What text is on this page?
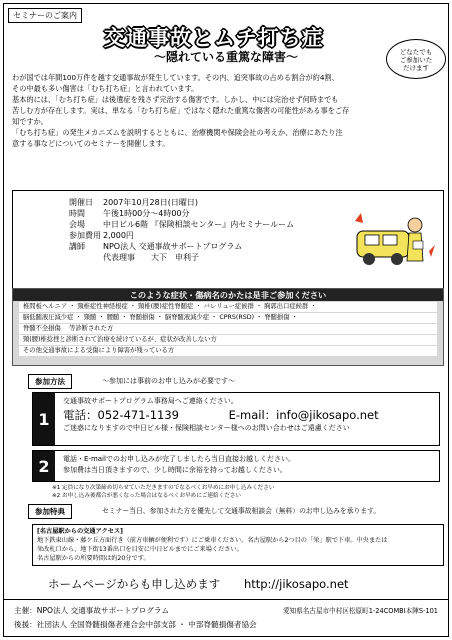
セミナーのご案内
交通事故とムチ打ち症
〜隠れている重篤な障害〜	どなたでも
ご参加いた
だけます
わが国では年間100万件を越す交通事故が発生しています。その内、追突事故の占める割合が約4割、
その中最も多い傷害は「むち打ち症」と言われています。
基本的には、「むち打ち症」は後遺症を残さず完治する傷害です。しかし、中には完治せず何時までも
苦しむ方が存在します。実は、単なる「むち打ち症」ではなく隠れた重篤な傷害の可能性がある事をご存
知ですか。
「むち打ち症」の発生メカニズムを説明するとともに、治療機関や保険会社の考えか、治療にあたり注
意する事などについてのセミナーを開催します。
開催日	2007年10月28日(日曜日)
時間	午後1時00分〜4時00分
会場	中日ビル6階 『保険相談センター』内セミナールーム
参加費用 2,000円
講師	NPO法人 交通事故サポートプログラム
代表理事　　大下　申利子
このような症状・傷病名のかたは是非ご参加ください
椎間板ヘルニア ・ 頸椎症性神経根症 ・ 頸椎(腰)症性脊髄症 ・ バレリュー症候群 ・ 胸郭出口症候群 ・
脳低髄液圧減少症 ・ 頸髄 ・ 腰髄 ・ 脊髄損傷 ・ 脳脊髄液減少症 ・ CPRS(RSD) ・ 脊髄損傷 ・
脊髄不全損傷 　等診断された方
頸(腰)椎捻挫と診断されて治療を続けているが、症状が改善しない方
その他交通事故による受傷により障害が残っている方
参加方法	〜参加には事前のお申し込みが必要です〜
1
交通事故サポートプログラム事務局へご連絡ください。
電話：052-471-1139	E-mail：info@jikosapo.net
ご迷惑になりますので中日ビル様・保険相談センター様へのお問い合わせはご遠慮ください
2	電話・E-mailでのお申し込みが完了しましたら当日直接お越しください。
参加費は当日頂きますので、少し時間に余裕を持ってお越しください。
※1 定員になり次第締め切らせていただきますのでなるべくお早めにお申し込みください
※2 お申し込み後都合が悪くなった場合はなるべくお早めにご連絡ください
参加特典	セミナー当日、参加された方を優先して交通事故相談会（無料）のお申し込みを承ります。
[名古屋駅からの交通アクセス]
地下鉄東山線・藤ケ丘方面行き（前方車輌が便利です）にご乗車ください。名古屋駅から2つ目の「栄」駅で下車。中央または
栄改札口から、地下街13番出口を目安に中日ビルまでにご来場ください。
名古屋駅からの所要時間は約20分です。
ホームページからも申し込めます http://jikosapo.net
主催：NPO法人 交通事故サポートプログラム	愛知県名古屋市中村区松原町1-24COMBI本陣S-101
後援：社団法人 全国脊髄損傷者連合会中部支部 ・ 中部脊髄損傷者協会
